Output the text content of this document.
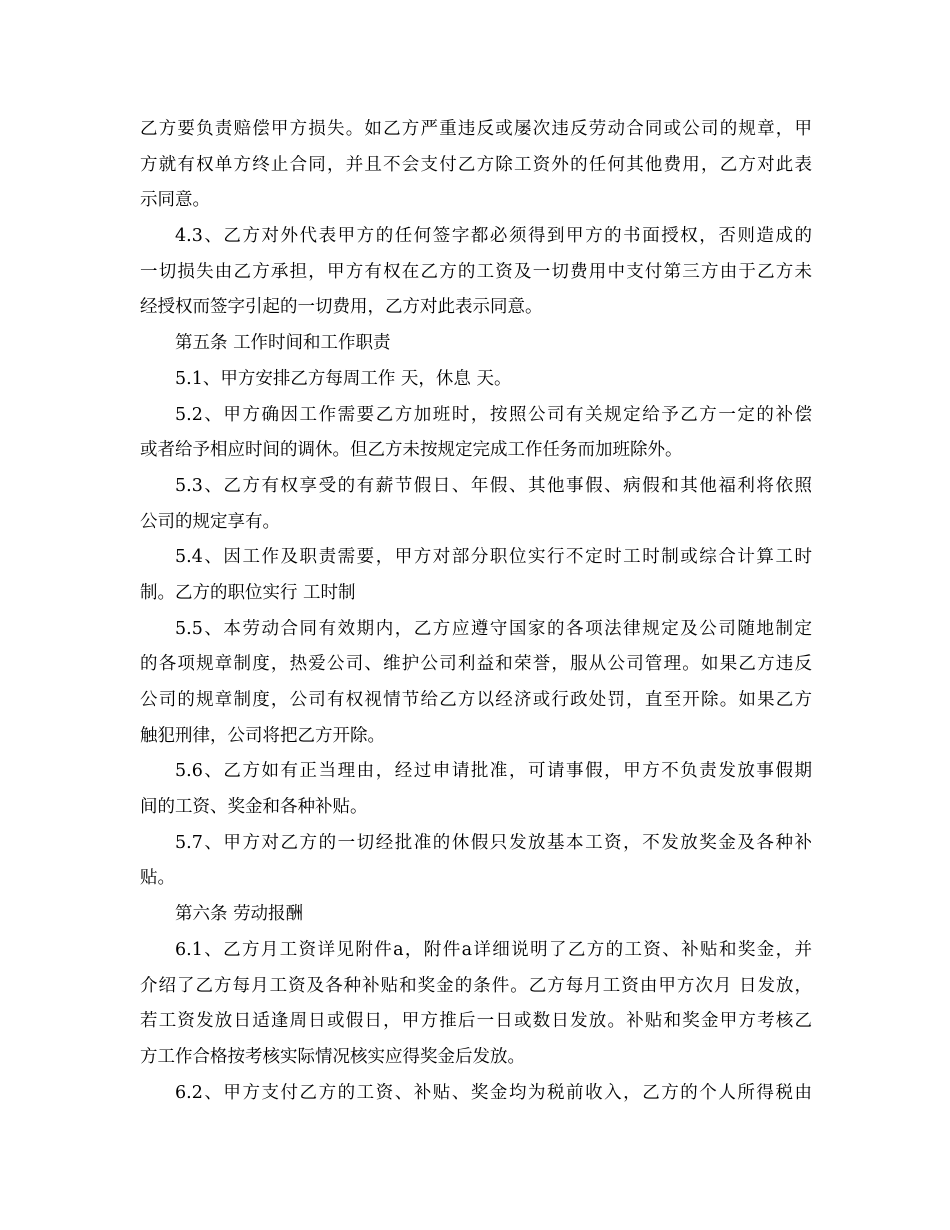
乙方要负责赔偿甲方损失。如乙方严重违反或屡次违反劳动合同或公司的规章，甲
方就有权单方终止合同，并且不会支付乙方除工资外的任何其他费用，乙方对此表
示同意。
4.3、乙方对外代表甲方的任何签字都必须得到甲方的书面授权，否则造成的
一切损失由乙方承担，甲方有权在乙方的工资及一切费用中支付第三方由于乙方未
经授权而签字引起的一切费用，乙方对此表示同意。
第五条 工作时间和工作职责
5.1、甲方安排乙方每周工作 天，休息 天。
5.2、甲方确因工作需要乙方加班时，按照公司有关规定给予乙方一定的补偿
或者给予相应时间的调休。但乙方未按规定完成工作任务而加班除外。
5.3、乙方有权享受的有薪节假日、年假、其他事假、病假和其他福利将依照
公司的规定享有。
5.4、因工作及职责需要，甲方对部分职位实行不定时工时制或综合计算工时
制。乙方的职位实行 工时制
5.5、本劳动合同有效期内，乙方应遵守国家的各项法律规定及公司随地制定
的各项规章制度，热爱公司、维护公司利益和荣誉，服从公司管理。如果乙方违反
公司的规章制度，公司有权视情节给乙方以经济或行政处罚，直至开除。如果乙方
触犯刑律，公司将把乙方开除。
5.6、乙方如有正当理由，经过申请批准，可请事假，甲方不负责发放事假期
间的工资、奖金和各种补贴。
5.7、甲方对乙方的一切经批准的休假只发放基本工资，不发放奖金及各种补
贴。
第六条 劳动报酬
6.1、乙方月工资详见附件a，附件a详细说明了乙方的工资、补贴和奖金，并
介绍了乙方每月工资及各种补贴和奖金的条件。乙方每月工资由甲方次月 日发放，
若工资发放日适逢周日或假日，甲方推后一日或数日发放。补贴和奖金甲方考核乙
方工作合格按考核实际情况核实应得奖金后发放。
6.2、甲方支付乙方的工资、补贴、奖金均为税前收入，乙方的个人所得税由
